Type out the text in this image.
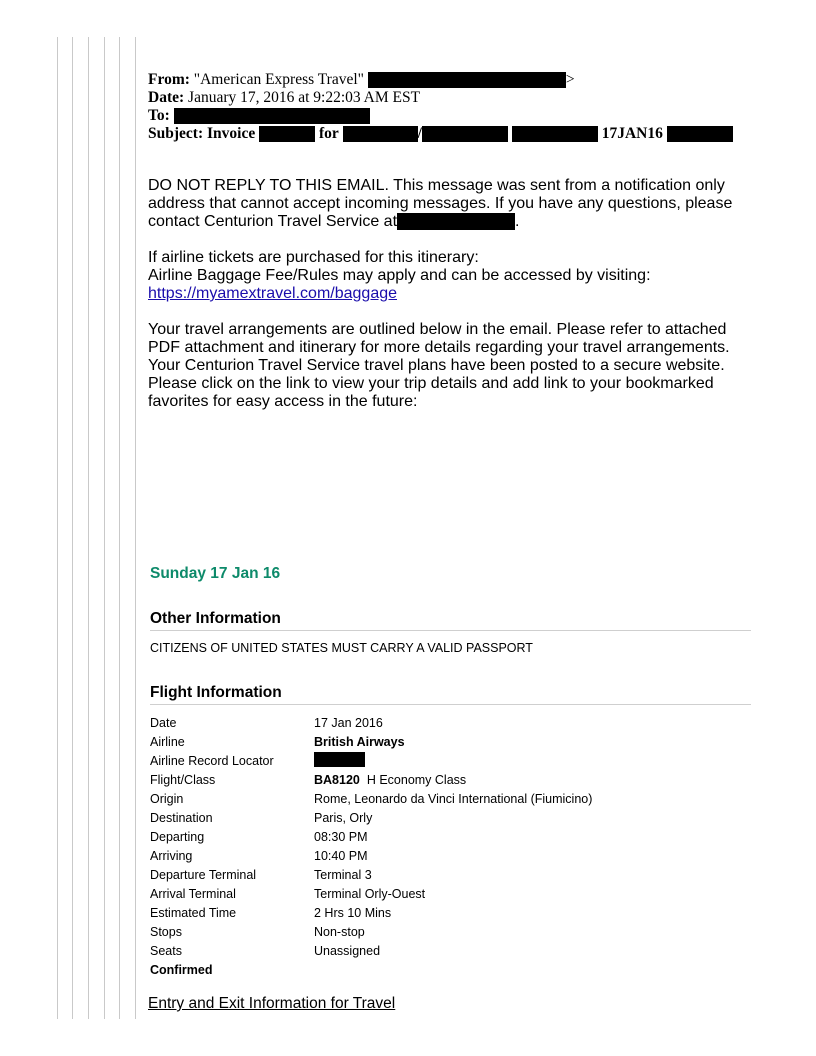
From: "American Express Travel"	>
Date: January 17, 2016 at 9:22:03 AM EST
To:
Subject: Invoice	for	/	17JAN16

DO NOT REPLY TO THIS EMAIL. This message was sent from a notification only address that cannot accept incoming messages. If you have any questions, please contact Centurion Travel Service at	.

If airline tickets are purchased for this itinerary:

Airline Baggage Fee/Rules may apply and can be accessed by visiting:

https://myamextravel.com/baggage

Your travel arrangements are outlined below in the email. Please refer to attached PDF attachment and itinerary for more details regarding your travel arrangements. Your Centurion Travel Service travel plans have been posted to a secure website. Please click on the link to view your trip details and add link to your bookmarked favorites for easy access in the future:

Sunday 17 Jan 16
Other Information
CITIZENS OF UNITED STATES MUST CARRY A VALID PASSPORT
Flight Information
Date	17 Jan 2016
Airline	British Airways
Airline Record Locator
Flight/Class	BA8120 H Economy Class
Origin	Rome, Leonardo da Vinci International (Fiumicino)
Destination	Paris, Orly
Departing	08:30 PM
Arriving	10:40 PM
Departure Terminal	Terminal 3
Arrival Terminal	Terminal Orly-Ouest
Estimated Time	2 Hrs 10 Mins
Stops	Non-stop
Seats	Unassigned
Confirmed
Entry and Exit Information for Travel
